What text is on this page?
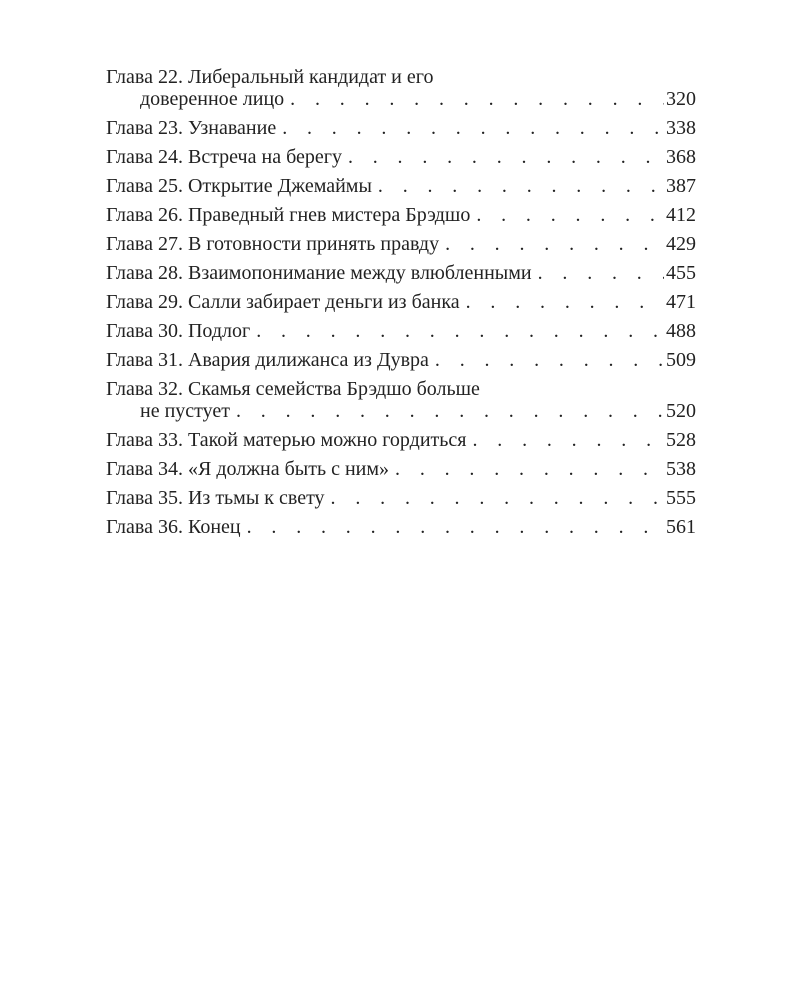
Глава 22. Либеральный кандидат и его
доверенное лицо . . .	320
Глава 23. Узнавание . . .	338
Глава 24. Встреча на берегу . . .	368
Глава 25. Открытие Джемаймы . . .	387
Глава 26. Праведный гнев мистера Брэдшо . . .	412
Глава 27. В готовности принять правду . . .	429
Глава 28. Взаимопонимание между влюбленными . . .	455
Глава 29. Салли забирает деньги из банка . . .	471
Глава 30. Подлог . . .	488
Глава 31. Авария дилижанса из Дувра . . .	509
Глава 32. Скамья семейства Брэдшо больше
не пустует . . .	520
Глава 33. Такой матерью можно гордиться . . .	528
Глава 34. «Я должна быть с ним» . . .	538
Глава 35. Из тьмы к свету . . .	555
Глава 36. Конец . . .	561
